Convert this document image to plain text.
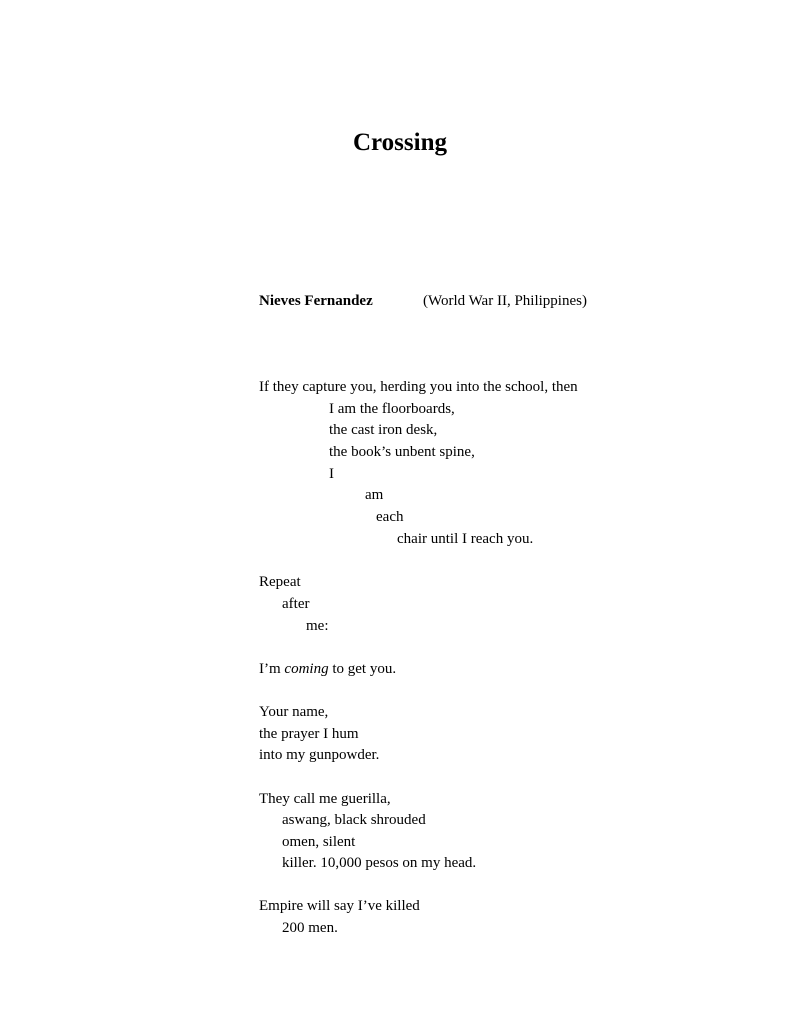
Crossing
Nieves Fernandez	(World War II, Philippines)
If they capture you, herding you into the school, then
I am the floorboards,
the cast iron desk,
the book’s unbent spine,
I
am
each
chair until I reach you.
Repeat
after
me:
I’m coming to get you.
Your name,
the prayer I hum
into my gunpowder.
They call me guerilla,
aswang, black shrouded
omen, silent
killer. 10,000 pesos on my head.
Empire will say I’ve killed
200 men.
